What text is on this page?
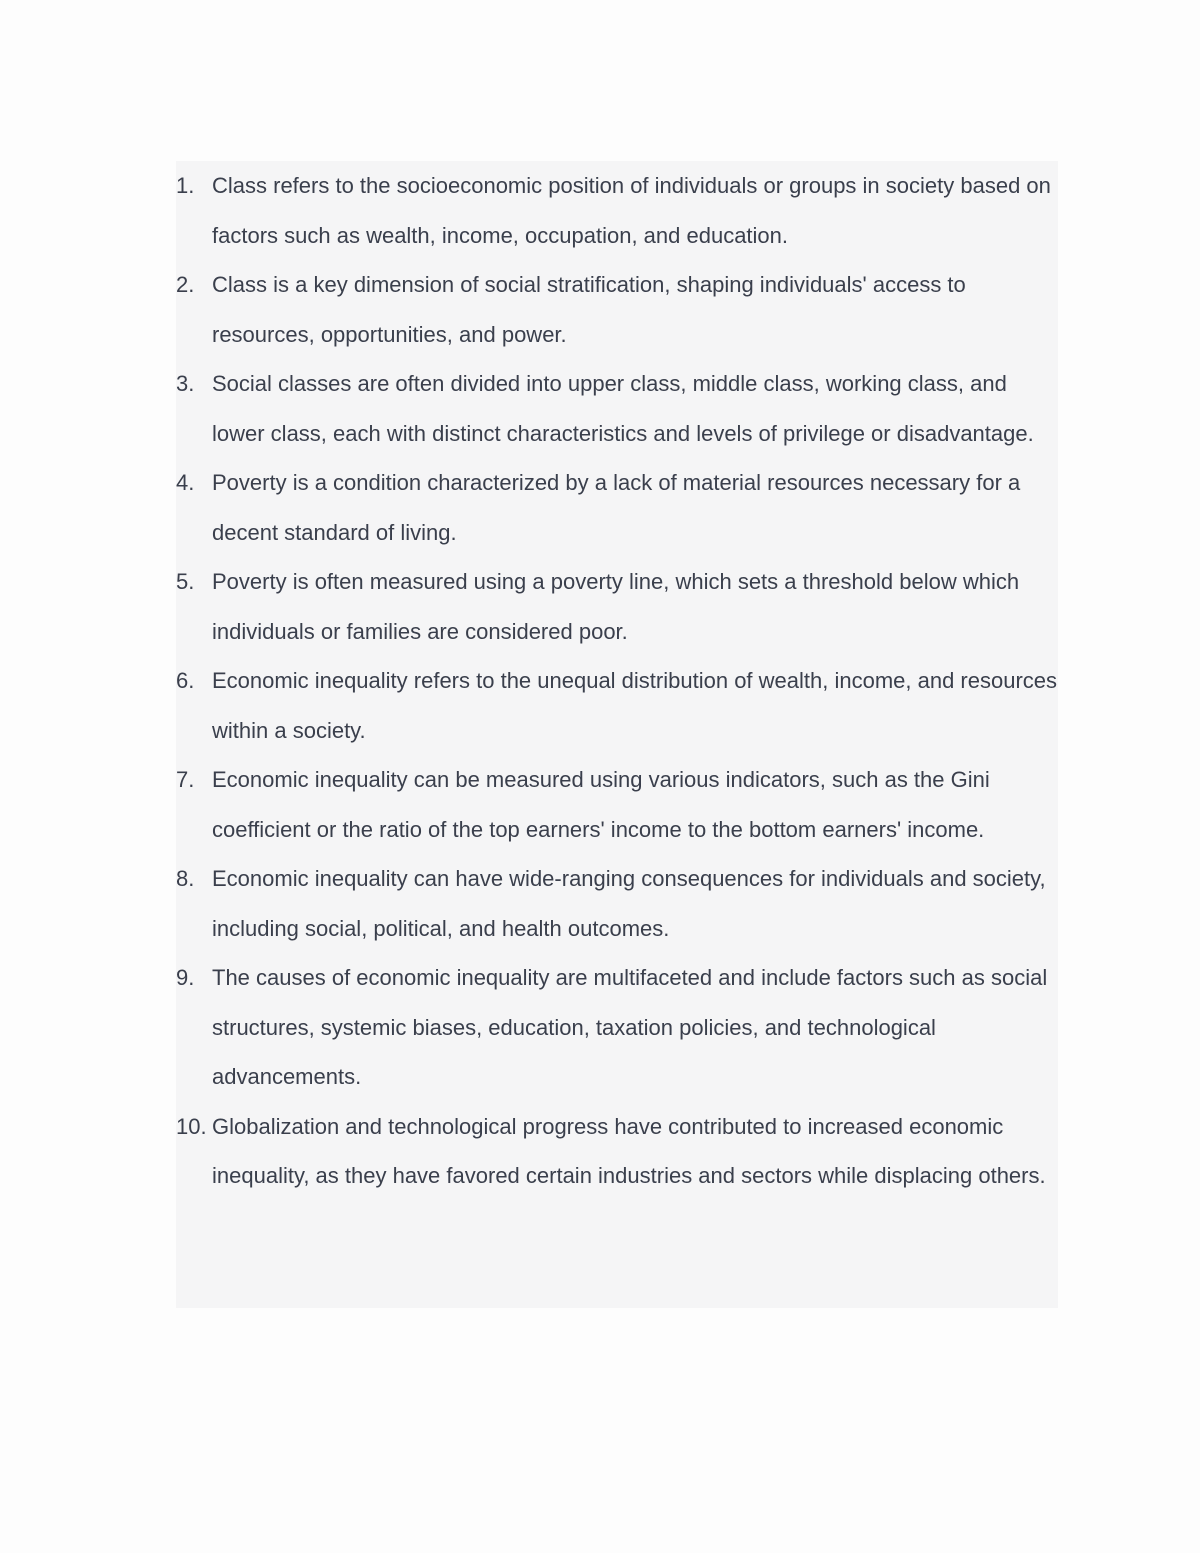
1. Class refers to the socioeconomic position of individuals or groups in society based on factors such as wealth, income, occupation, and education.
2. Class is a key dimension of social stratification, shaping individuals' access to resources, opportunities, and power.
3. Social classes are often divided into upper class, middle class, working class, and lower class, each with distinct characteristics and levels of privilege or disadvantage.
4. Poverty is a condition characterized by a lack of material resources necessary for a decent standard of living.
5. Poverty is often measured using a poverty line, which sets a threshold below which individuals or families are considered poor.
6. Economic inequality refers to the unequal distribution of wealth, income, and resources within a society.
7. Economic inequality can be measured using various indicators, such as the Gini coefficient or the ratio of the top earners' income to the bottom earners' income.
8. Economic inequality can have wide-ranging consequences for individuals and society, including social, political, and health outcomes.
9. The causes of economic inequality are multifaceted and include factors such as social structures, systemic biases, education, taxation policies, and technological advancements.
10. Globalization and technological progress have contributed to increased economic inequality, as they have favored certain industries and sectors while displacing others.
